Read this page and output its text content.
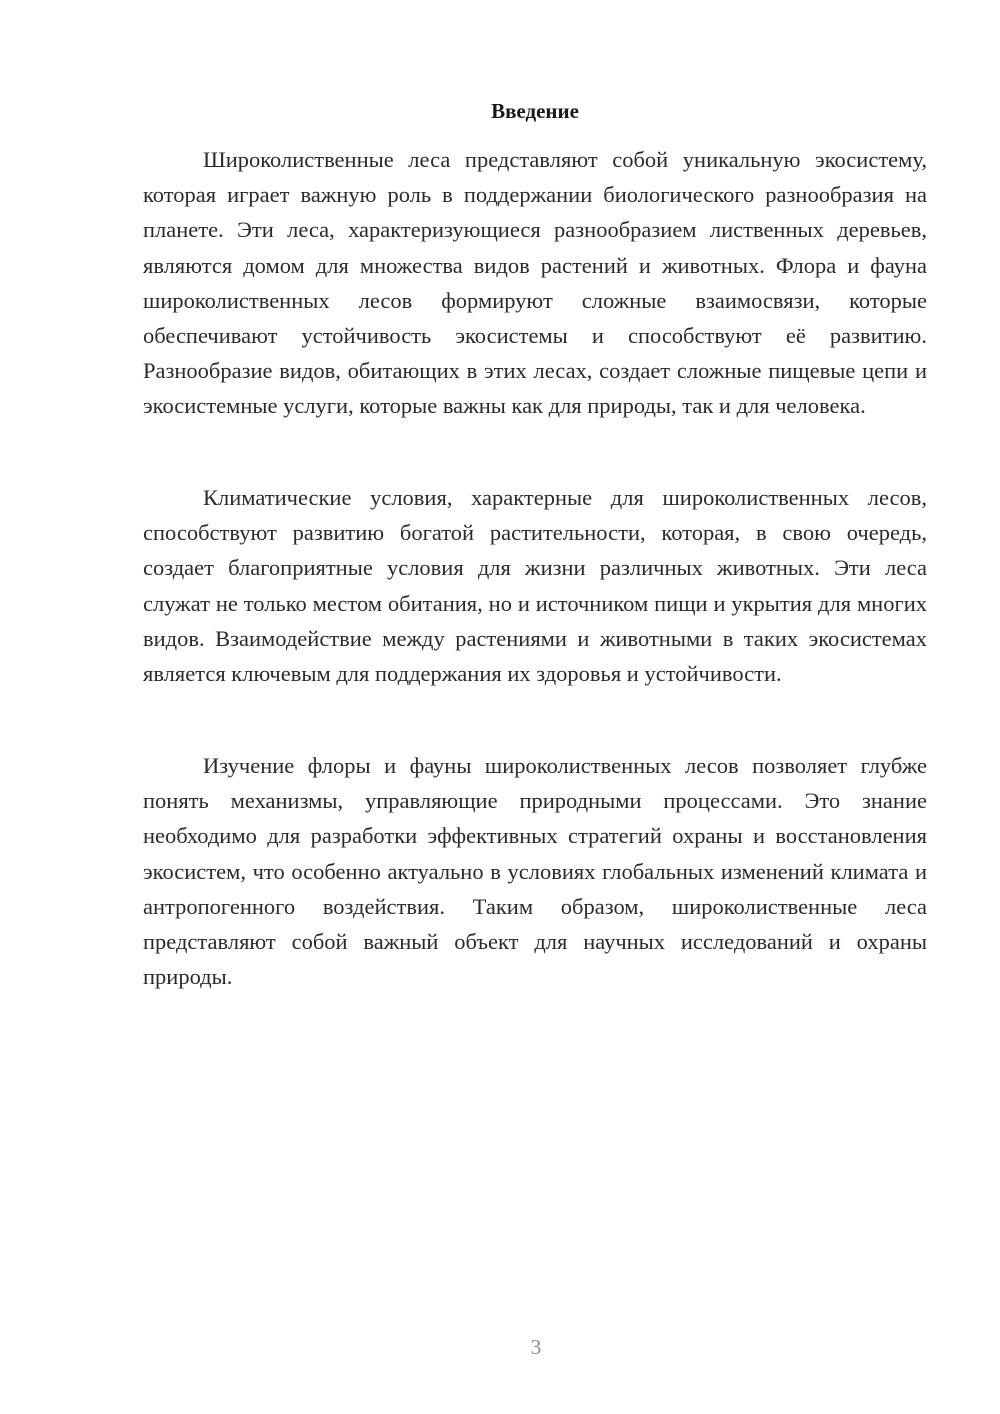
Введение

Широколиственные леса представляют собой уникальную экосистему, которая играет важную роль в поддержании биологического разнообразия на планете. Эти леса, характеризующиеся разнообразием лиственных деревьев, являются домом для множества видов растений и животных. Флора и фауна широколиственных лесов формируют сложные взаимосвязи, которые обеспечивают устойчивость экосистемы и способствуют её развитию. Разнообразие видов, обитающих в этих лесах, создает сложные пищевые цепи и экосистемные услуги, которые важны как для природы, так и для человека.

Климатические условия, характерные для широколиственных лесов, способствуют развитию богатой растительности, которая, в свою очередь, создает благоприятные условия для жизни различных животных. Эти леса служат не только местом обитания, но и источником пищи и укрытия для многих видов. Взаимодействие между растениями и животными в таких экосистемах является ключевым для поддержания их здоровья и устойчивости.

Изучение флоры и фауны широколиственных лесов позволяет глубже понять механизмы, управляющие природными процессами. Это знание необходимо для разработки эффективных стратегий охраны и восстановления экосистем, что особенно актуально в условиях глобальных изменений климата и антропогенного воздействия. Таким образом, широколиственные леса представляют собой важный объект для научных исследований и охраны природы.

3
